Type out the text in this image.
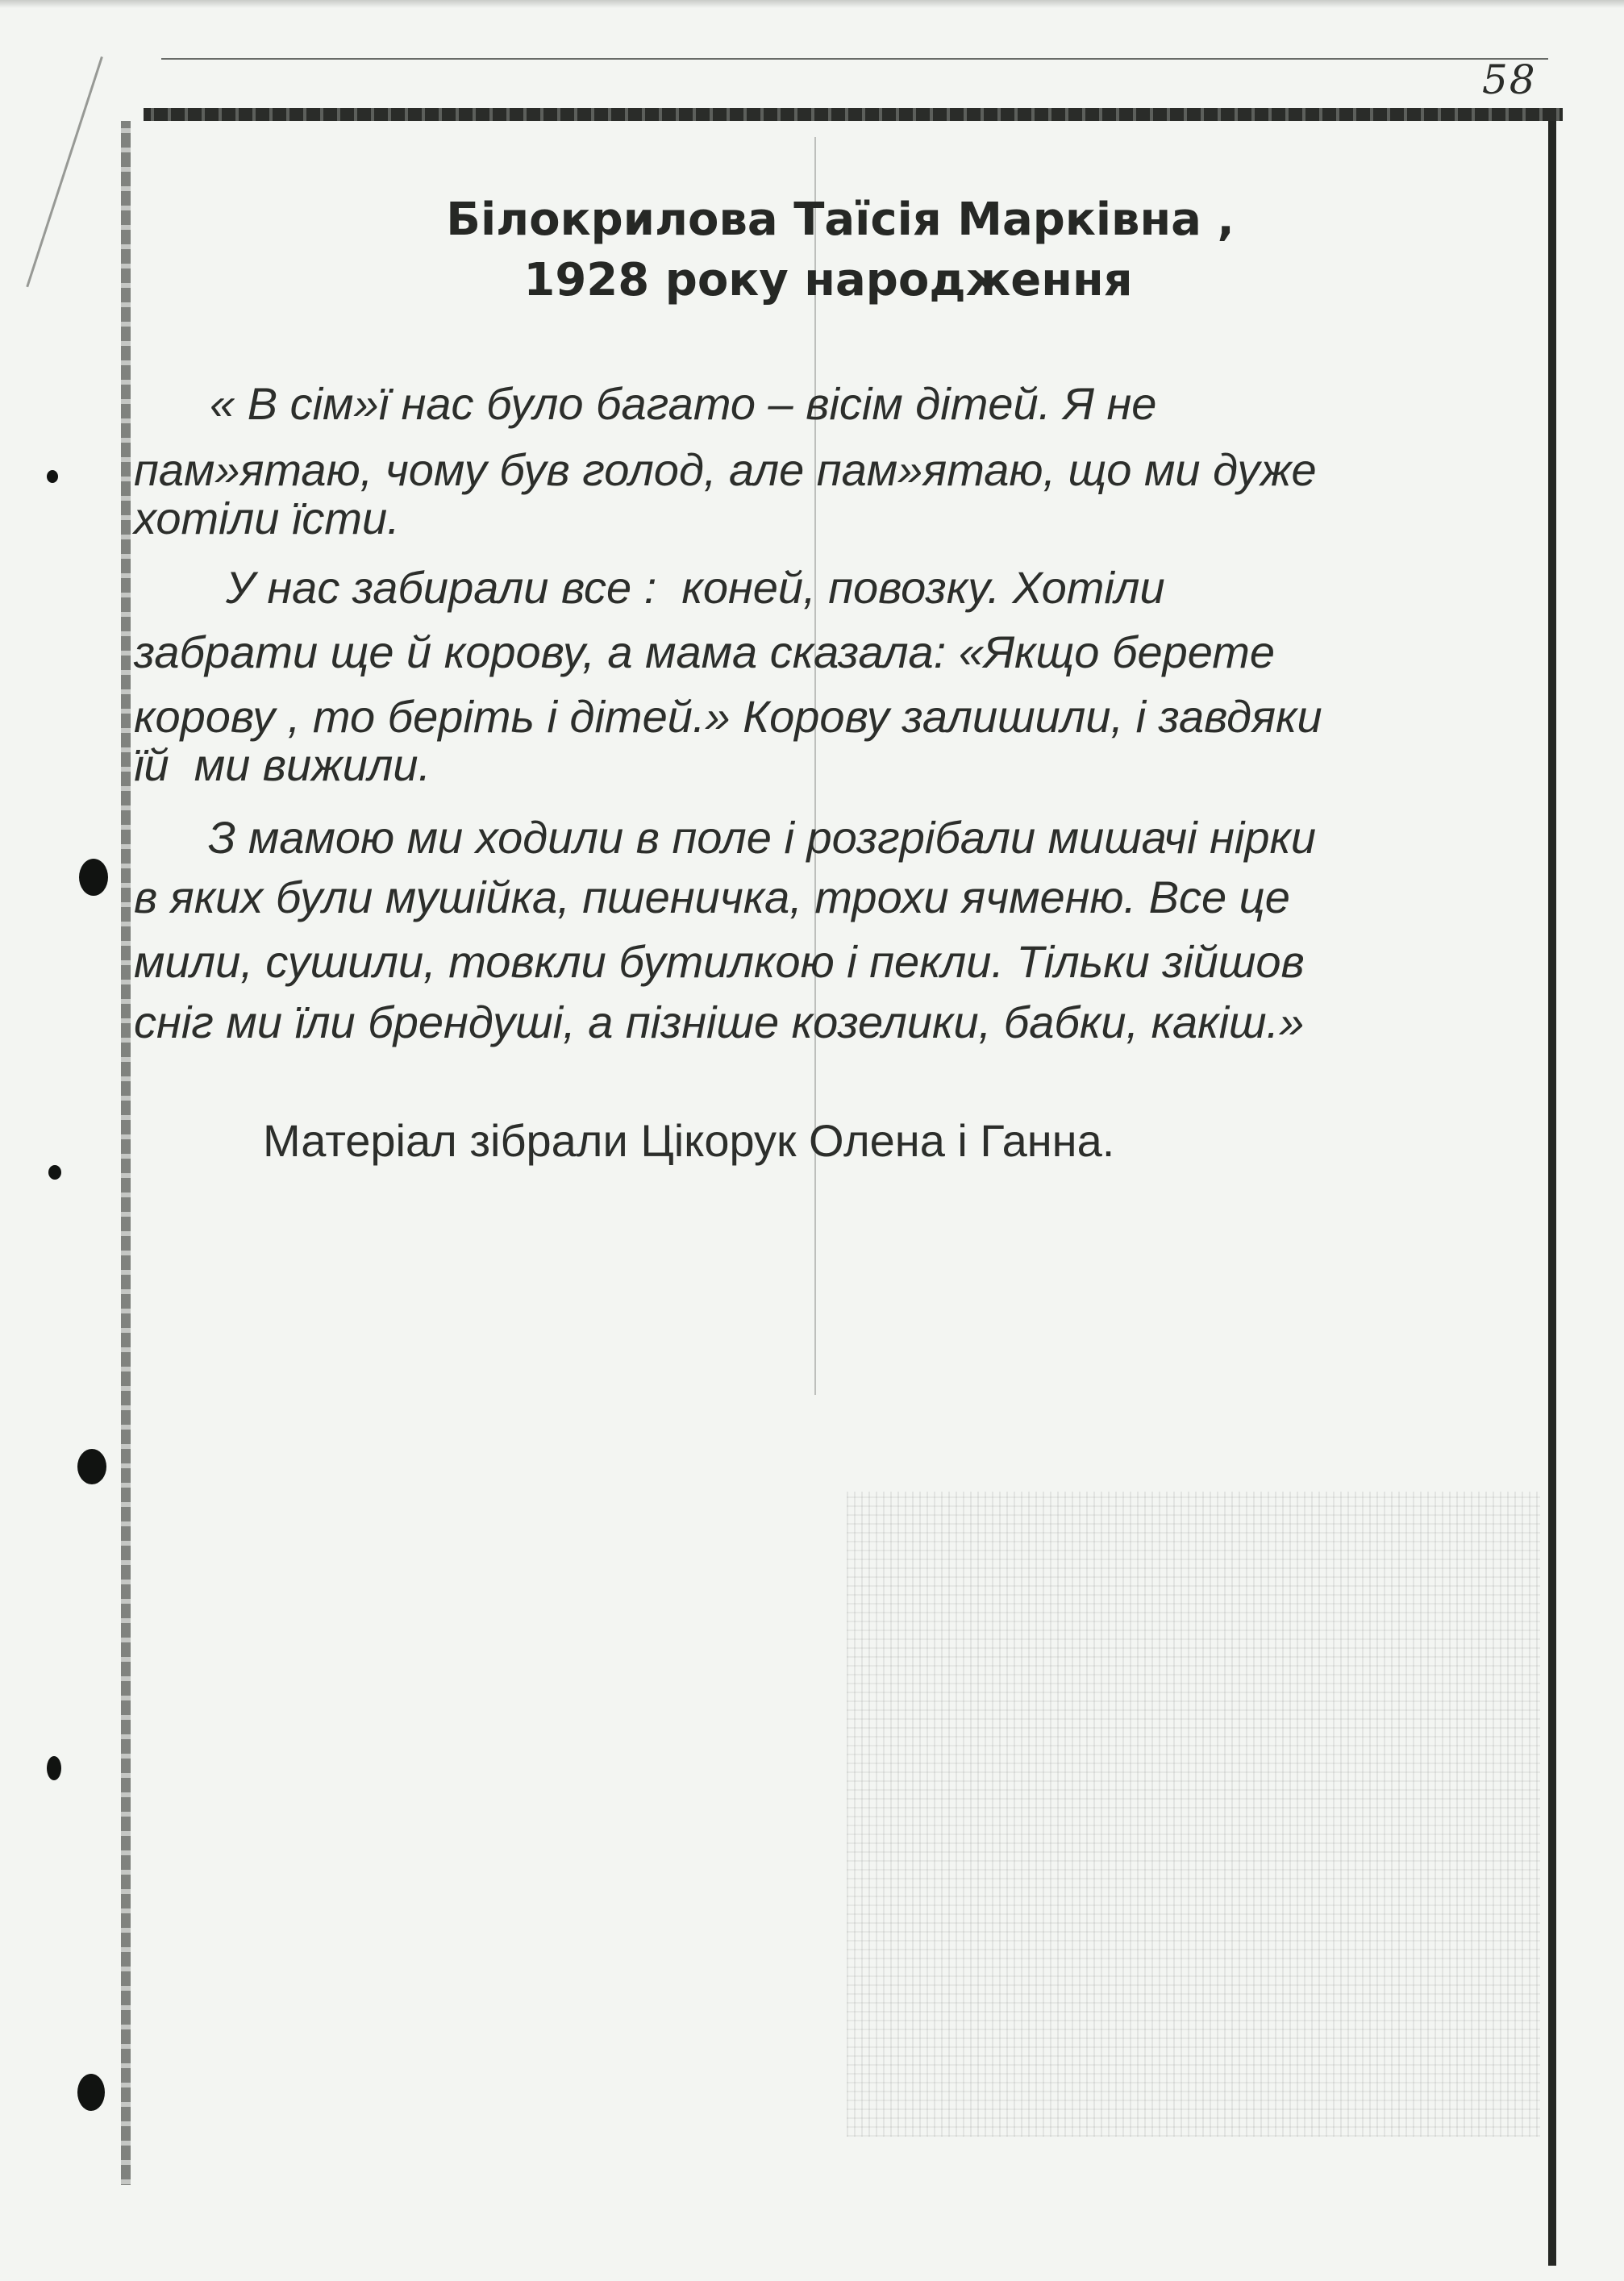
58
Білокрилова Таїсія Марківна ,
1928 року народження
« В сім»ї нас було багато – вісім дітей. Я не
пам»ятаю, чому був голод, але пам»ятаю, що ми дуже
хотіли їсти.
У нас забирали все :  коней, повозку. Хотіли
забрати ще й корову, а мама сказала: «Якщо берете
корову , то беріть і дітей.» Корову залишили, і завдяки
їй  ми вижили.
З мамою ми ходили в поле і розгрібали мишачі нірки
в яких були мушійка, пшеничка, трохи ячменю. Все це
мили, сушили, товкли бутилкою і пекли. Тільки зійшов
сніг ми їли брендуші, а пізніше козелики, бабки, какіш.»
Матеріал зібрали Цікорук Олена і Ганна.
